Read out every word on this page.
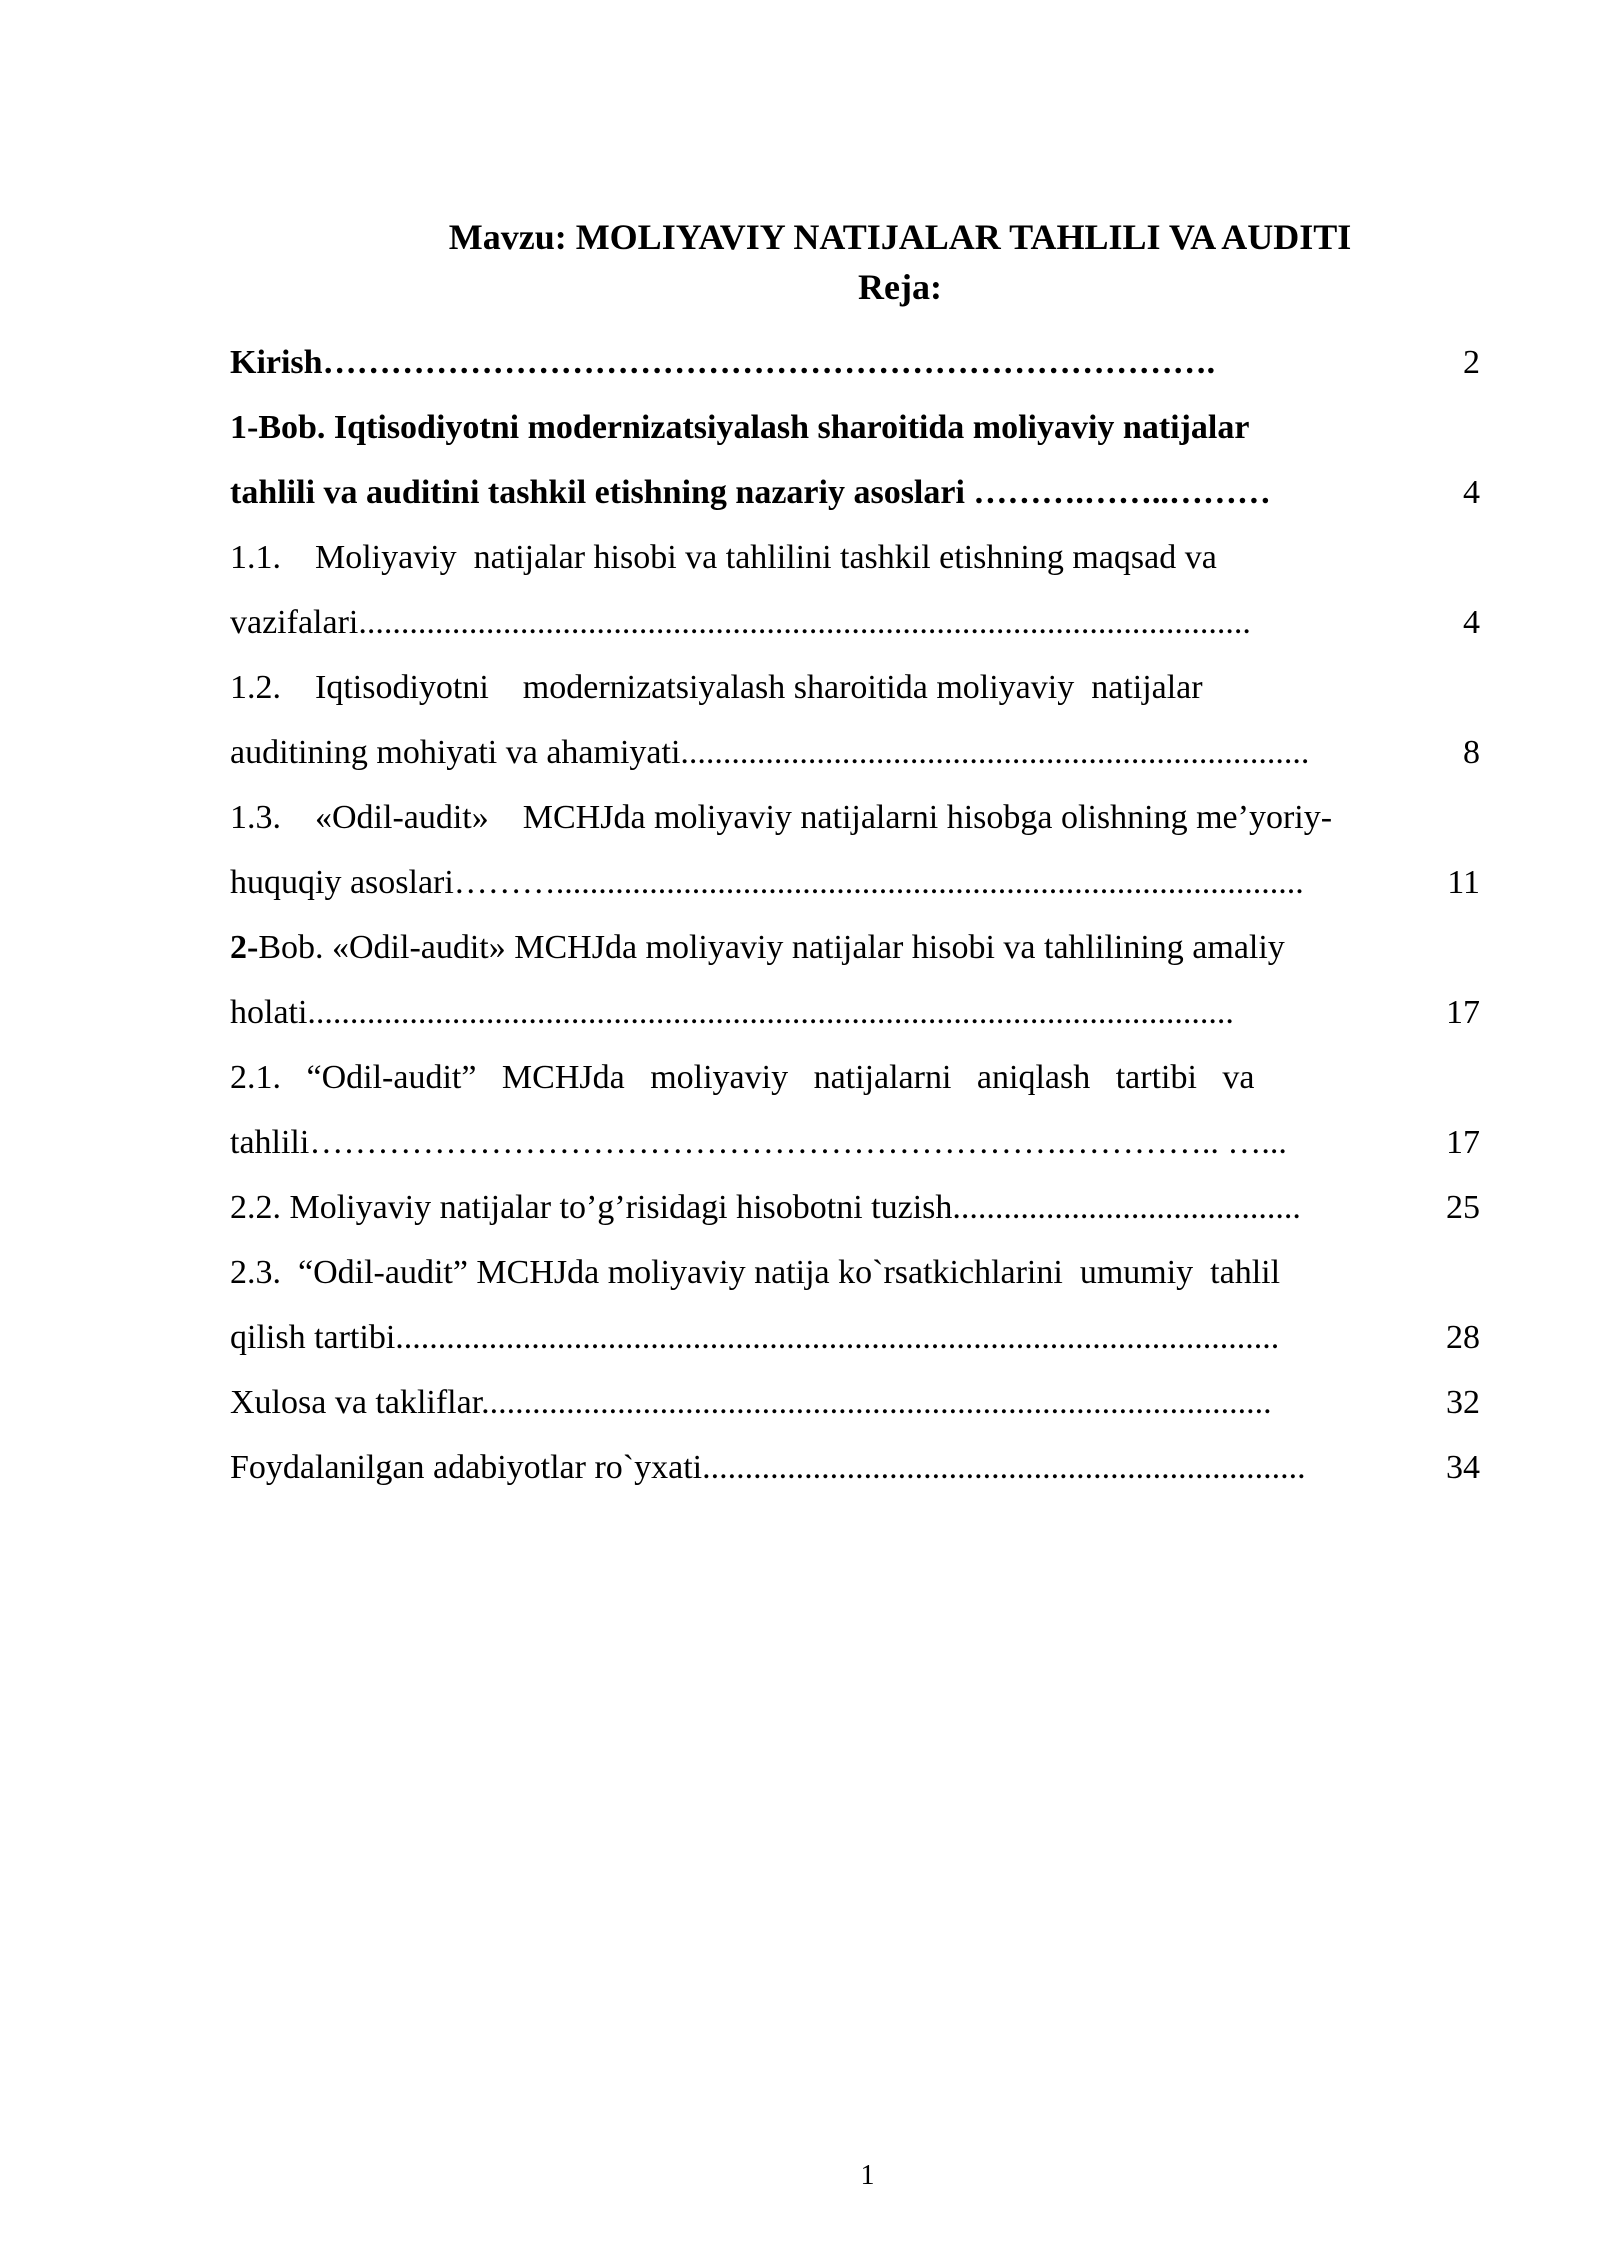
Mavzu: MOLIYAVIY NATIJALAR TAHLILI VA AUDITI
Reja:
Kirish…………………………………………………………………….	2
1-Bob. Iqtisodiyotni modernizatsiyalash sharoitida moliyaviy natijalar
tahlili va auditini tashkil etishning nazariy asoslari ……….……..………	4
1.1.    Moliyaviy  natijalar hisobi va tahlilini tashkil etishning maqsad va
vazifalari.........................................................................................................	4
1.2.    Iqtisodiyotni    modernizatsiyalash sharoitida moliyaviy  natijalar
auditining mohiyati va ahamiyati..........................................................................	8
1.3.    «Odil-audit»    MCHJda moliyaviy natijalarni hisobga olishning me’yoriy-
huquqiy asoslari………........................................................................................	11
2-Bob. «Odil-audit» MCHJda moliyaviy natijalar hisobi va tahlilining amaliy
holati.............................................................................................................	17
2.1.   “Odil-audit”   MCHJda   moliyaviy   natijalarni   aniqlash   tartibi   va
tahlili………………………………………………………….………….. …...	17
2.2. Moliyaviy natijalar to’g’risidagi hisobotni tuzish.........................................	25
2.3.  “Odil-audit” MCHJda moliyaviy natija ko`rsatkichlarini  umumiy  tahlil
qilish tartibi........................................................................................................	28
Xulosa va takliflar.............................................................................................	32
Foydalanilgan adabiyotlar ro`yxati.......................................................................	34
1
